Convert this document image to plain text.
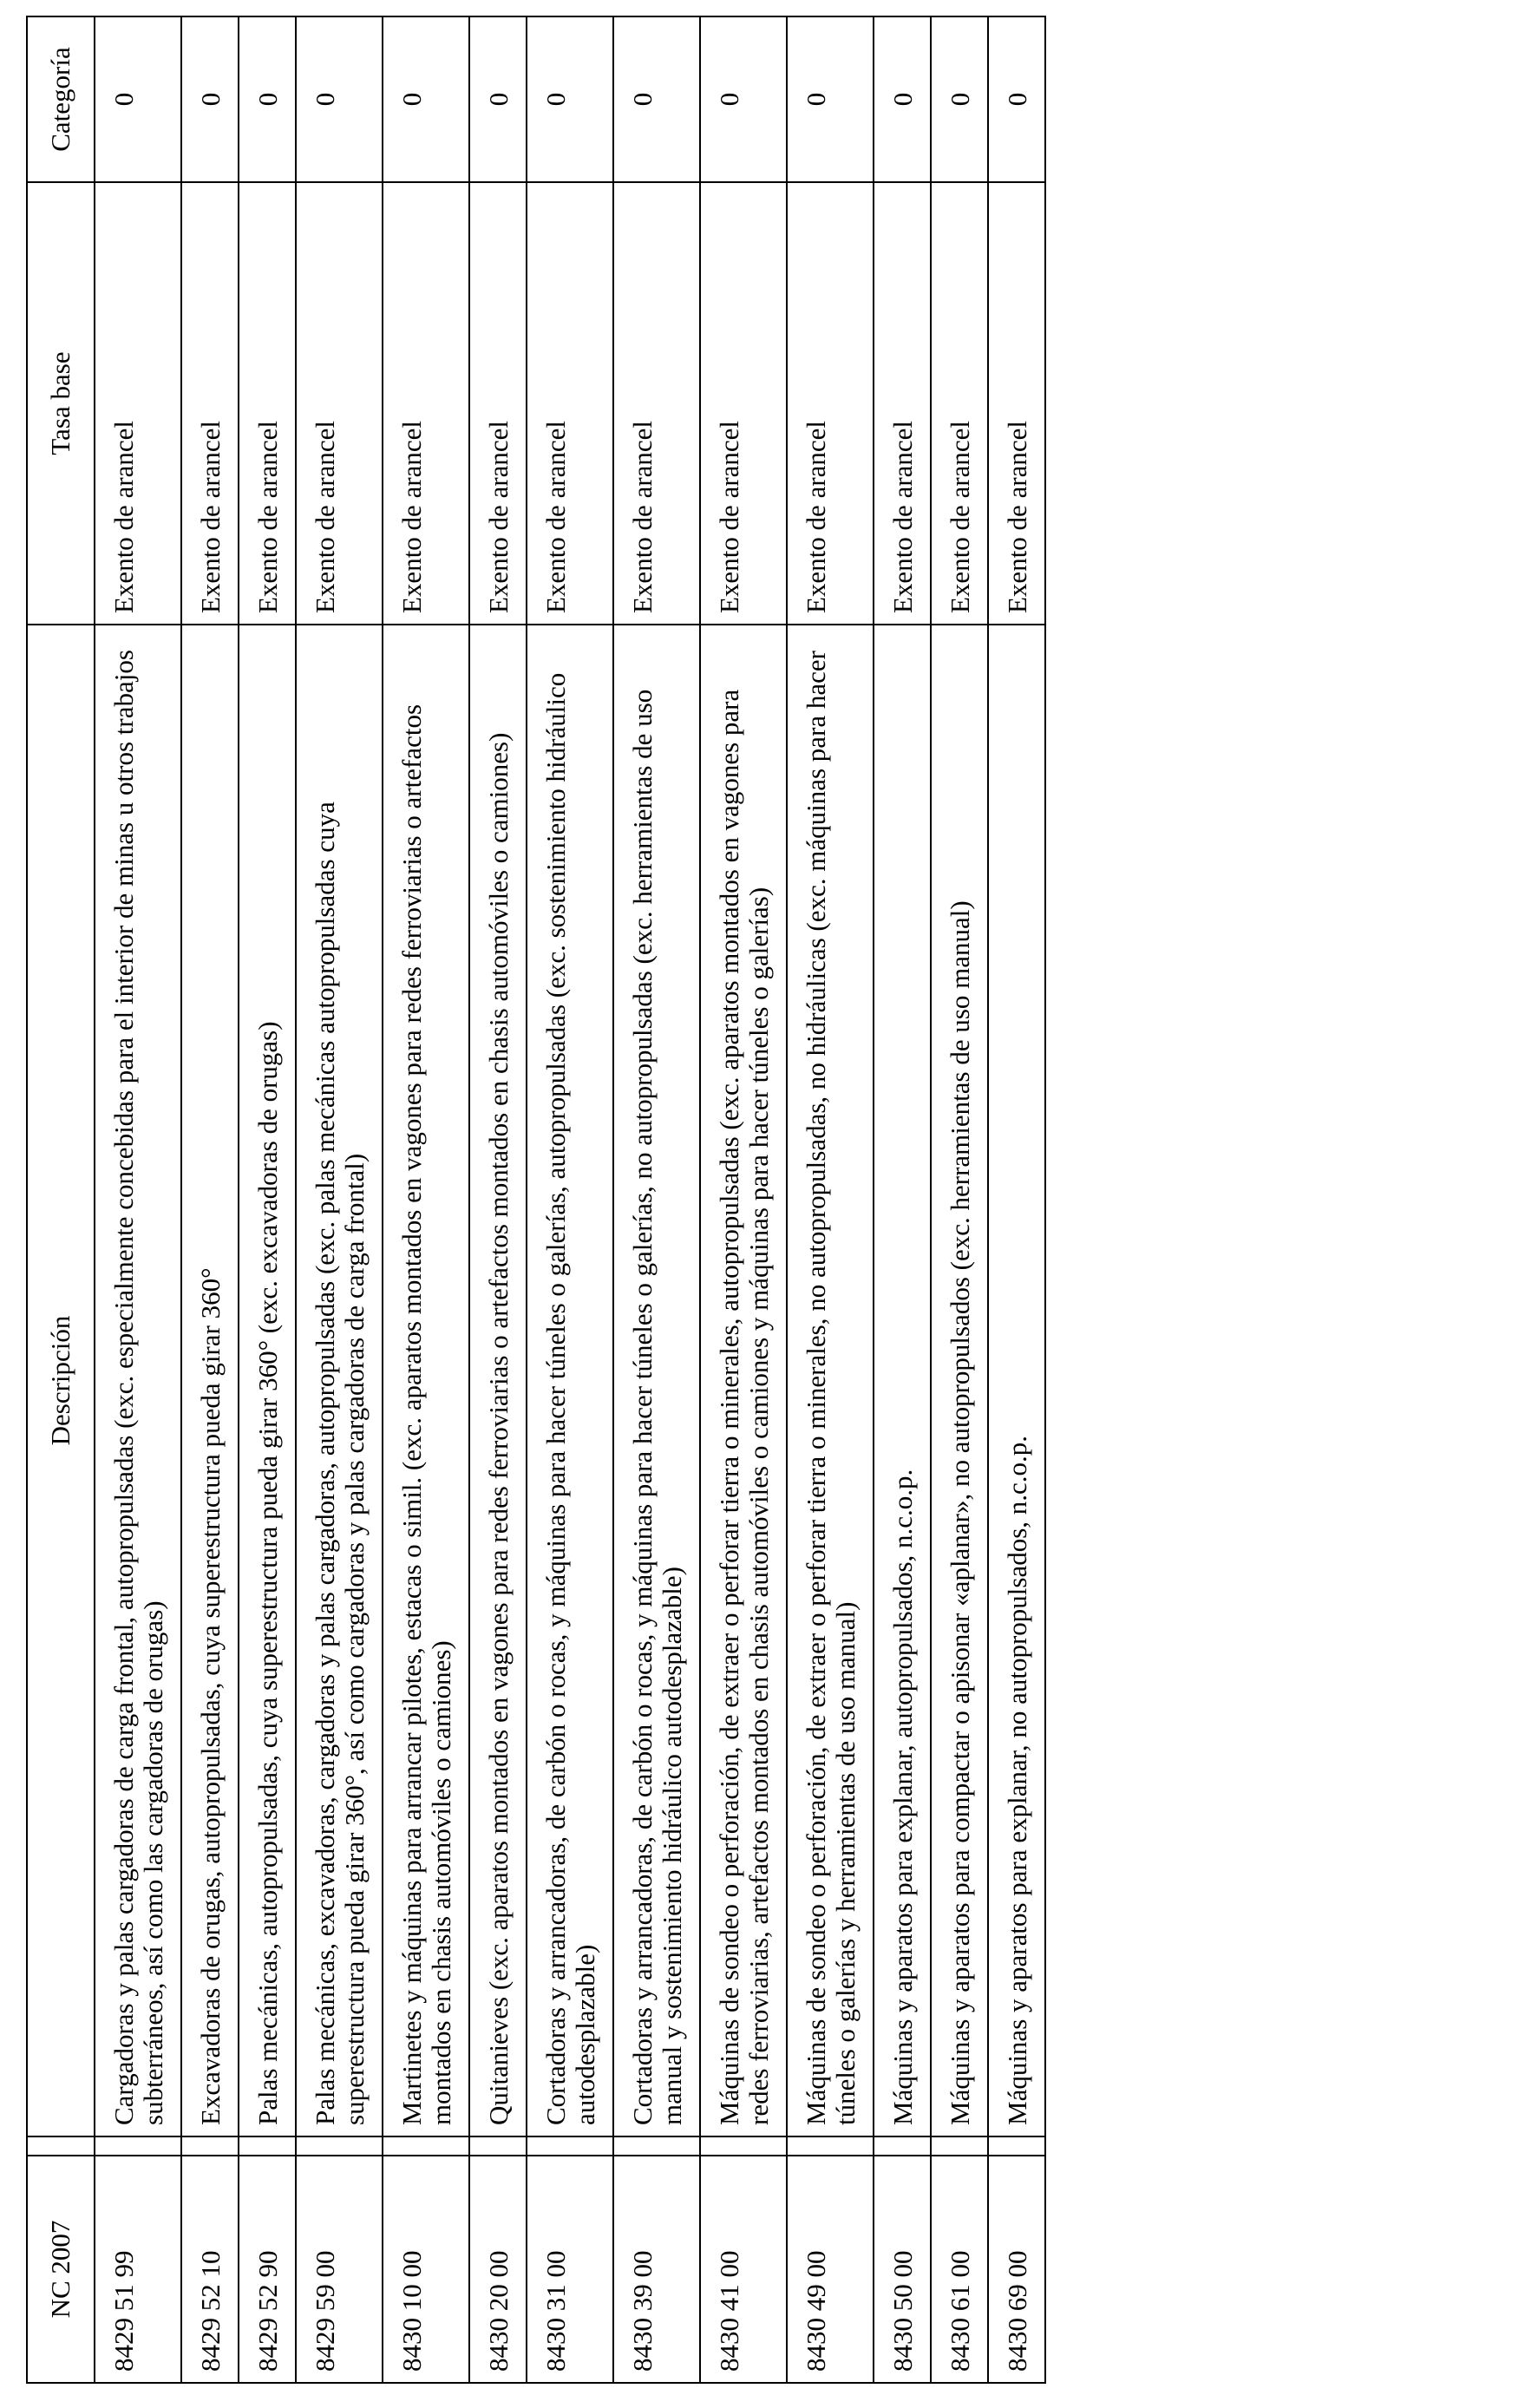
NC 2007		Descripción	Tasa base	Categoría
8429 51 99		Cargadoras y palas cargadoras de carga frontal, autopropulsadas (exc. especialmente concebidas para el interior de minas u otros trabajos subterráneos, así como las cargadoras de orugas)	Exento de arancel	0
8429 52 10		Excavadoras de orugas, autopropulsadas, cuya superestructura pueda girar 360°	Exento de arancel	0
8429 52 90		Palas mecánicas, autopropulsadas, cuya superestructura pueda girar 360° (exc. excavadoras de orugas)	Exento de arancel	0
8429 59 00		Palas mecánicas, excavadoras, cargadoras y palas cargadoras, autopropulsadas (exc. palas mecánicas autopropulsadas cuya superestructura pueda girar 360°, así como cargadoras y palas cargadoras de carga frontal)	Exento de arancel	0
8430 10 00		Martinetes y máquinas para arrancar pilotes, estacas o simil. (exc. aparatos montados en vagones para redes ferroviarias o artefactos montados en chasis automóviles o camiones)	Exento de arancel	0
8430 20 00		Quitanieves (exc. aparatos montados en vagones para redes ferroviarias o artefactos montados en chasis automóviles o camiones)	Exento de arancel	0
8430 31 00		Cortadoras y arrancadoras, de carbón o rocas, y máquinas para hacer túneles o galerías, autopropulsadas (exc. sostenimiento hidráulico autodesplazable)	Exento de arancel	0
8430 39 00		Cortadoras y arrancadoras, de carbón o rocas, y máquinas para hacer túneles o galerías, no autopropulsadas (exc. herramientas de uso manual y sostenimiento hidráulico autodesplazable)	Exento de arancel	0
8430 41 00		Máquinas de sondeo o perforación, de extraer o perforar tierra o minerales, autopropulsadas (exc. aparatos montados en vagones para redes ferroviarias, artefactos montados en chasis automóviles o camiones y máquinas para hacer túneles o galerías)	Exento de arancel	0
8430 49 00		Máquinas de sondeo o perforación, de extraer o perforar tierra o minerales, no autopropulsadas, no hidráulicas (exc. máquinas para hacer túneles o galerías y herramientas de uso manual)	Exento de arancel	0
8430 50 00		Máquinas y aparatos para explanar, autopropulsados, n.c.o.p.	Exento de arancel	0
8430 61 00		Máquinas y aparatos para compactar o apisonar «aplanar», no autopropulsados (exc. herramientas de uso manual)	Exento de arancel	0
8430 69 00		Máquinas y aparatos para explanar, no autopropulsados, n.c.o.p.	Exento de arancel	0
